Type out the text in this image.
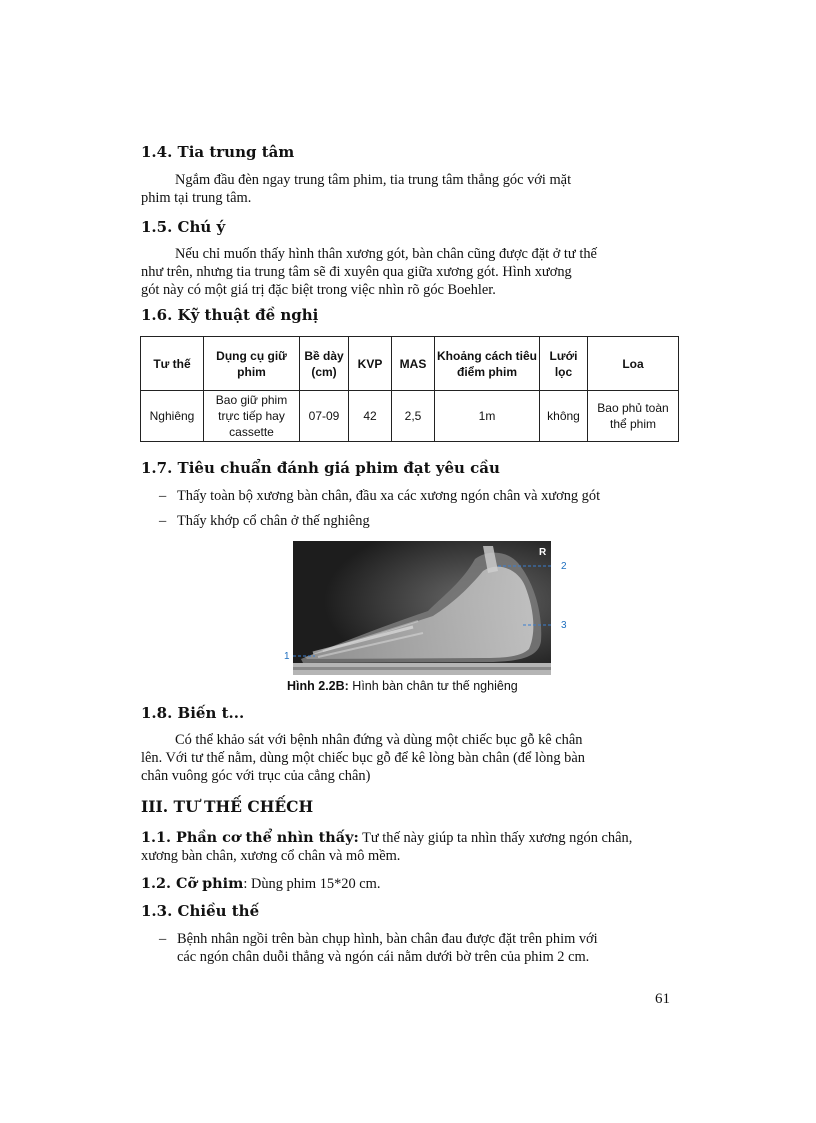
1.4. Tia trung tâm
Ngắm đầu đèn ngay trung tâm phim, tia trung tâm thẳng góc với mặt
phim tại trung tâm.
1.5. Chú ý
Nếu chỉ muốn thấy hình thân xương gót, bàn chân cũng được đặt ở tư thế
như trên, nhưng tia trung tâm sẽ đi xuyên qua giữa xương gót. Hình xương
gót này có một giá trị đặc biệt trong việc nhìn rõ góc Boehler.
1.6. Kỹ thuật đề nghị
Tư thế	Dụng cụ giữ phim	Bề dày (cm)	KVP	MAS	Khoảng cách tiêu điểm phim	Lưới lọc	Loa
Nghiêng	Bao giữ phim trực tiếp hay cassette	07-09	42	2,5	1m	không	Bao phủ toàn thể phim
1.7. Tiêu chuẩn đánh giá phim đạt yêu cầu
– Thấy toàn bộ xương bàn chân, đầu xa các xương ngón chân và xương gót
– Thấy khớp cổ chân ở thế nghiêng
R
2
3
1
Hình 2.2B: Hình bàn chân tư thế nghiêng
1.8. Biến t...
Có thể khảo sát với bệnh nhân đứng và dùng một chiếc bục gỗ kê chân
lên. Với tư thế nằm, dùng một chiếc bục gỗ để kê lòng bàn chân (để lòng bàn
chân vuông góc với trục của cẳng chân)
III. TƯ THẾ CHẾCH
1.1. Phần cơ thể nhìn thấy: Tư thế này giúp ta nhìn thấy xương ngón chân,
xương bàn chân, xương cổ chân và mô mềm.
1.2. Cỡ phim: Dùng phim 15*20 cm.
1.3. Chiều thế
– Bệnh nhân ngồi trên bàn chụp hình, bàn chân đau được đặt trên phim với
các ngón chân duỗi thẳng và ngón cái nằm dưới bờ trên của phim 2 cm.
61
